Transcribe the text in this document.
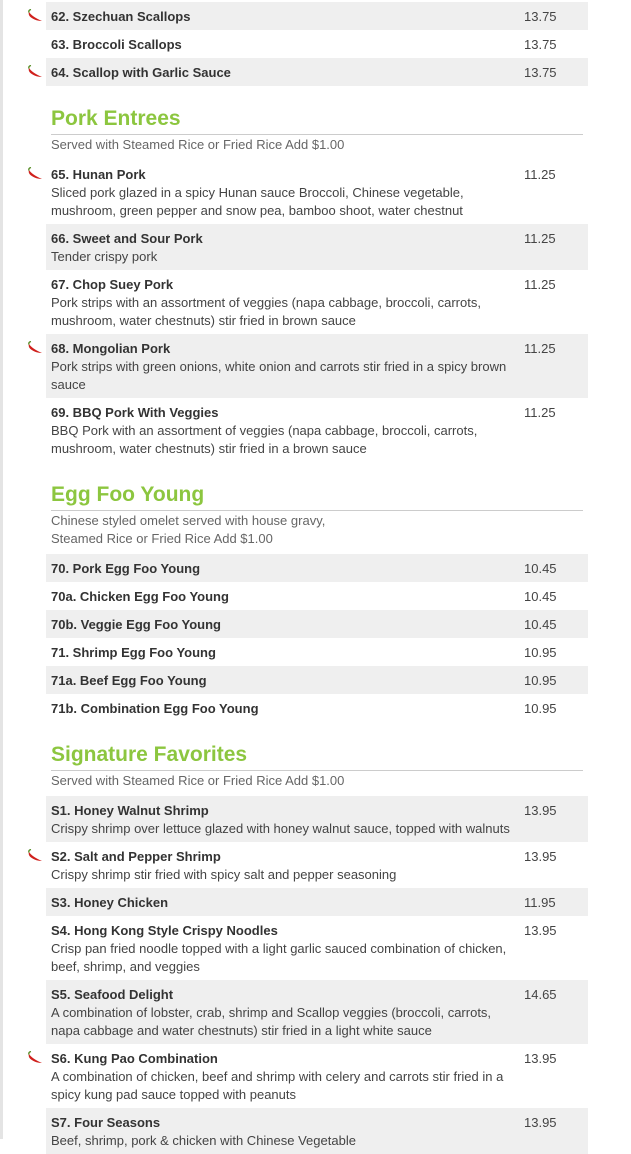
62. Szechuan Scallops	13.75
63. Broccoli Scallops	13.75
64. Scallop with Garlic Sauce	13.75
Pork Entrees
Served with Steamed Rice or Fried Rice Add $1.00
65. Hunan Pork
Sliced pork glazed in a spicy Hunan sauce Broccoli, Chinese vegetable, mushroom, green pepper and snow pea, bamboo shoot, water chestnut
11.25
66. Sweet and Sour Pork
Tender crispy pork
11.25
67. Chop Suey Pork
Pork strips with an assortment of veggies (napa cabbage, broccoli, carrots, mushroom, water chestnuts) stir fried in brown sauce
11.25
68. Mongolian Pork
Pork strips with green onions, white onion and carrots stir fried in a spicy brown sauce
11.25
69. BBQ Pork With Veggies
BBQ Pork with an assortment of veggies (napa cabbage, broccoli, carrots, mushroom, water chestnuts) stir fried in a brown sauce
11.25
Egg Foo Young
Chinese styled omelet served with house gravy,
Steamed Rice or Fried Rice Add $1.00
70. Pork Egg Foo Young	10.45
70a. Chicken Egg Foo Young	10.45
70b. Veggie Egg Foo Young	10.45
71. Shrimp Egg Foo Young	10.95
71a. Beef Egg Foo Young	10.95
71b. Combination Egg Foo Young	10.95
Signature Favorites
Served with Steamed Rice or Fried Rice Add $1.00
S1. Honey Walnut Shrimp
Crispy shrimp over lettuce glazed with honey walnut sauce, topped with walnuts
13.95
S2. Salt and Pepper Shrimp
Crispy shrimp stir fried with spicy salt and pepper seasoning
13.95
S3. Honey Chicken	11.95
S4. Hong Kong Style Crispy Noodles
Crisp pan fried noodle topped with a light garlic sauced combination of chicken, beef, shrimp, and veggies
13.95
S5. Seafood Delight
A combination of lobster, crab, shrimp and Scallop veggies (broccoli, carrots, napa cabbage and water chestnuts) stir fried in a light white sauce
14.65
S6. Kung Pao Combination
A combination of chicken, beef and shrimp with celery and carrots stir fried in a spicy kung pad sauce topped with peanuts
13.95
S7. Four Seasons
Beef, shrimp, pork & chicken with Chinese Vegetable
13.95
